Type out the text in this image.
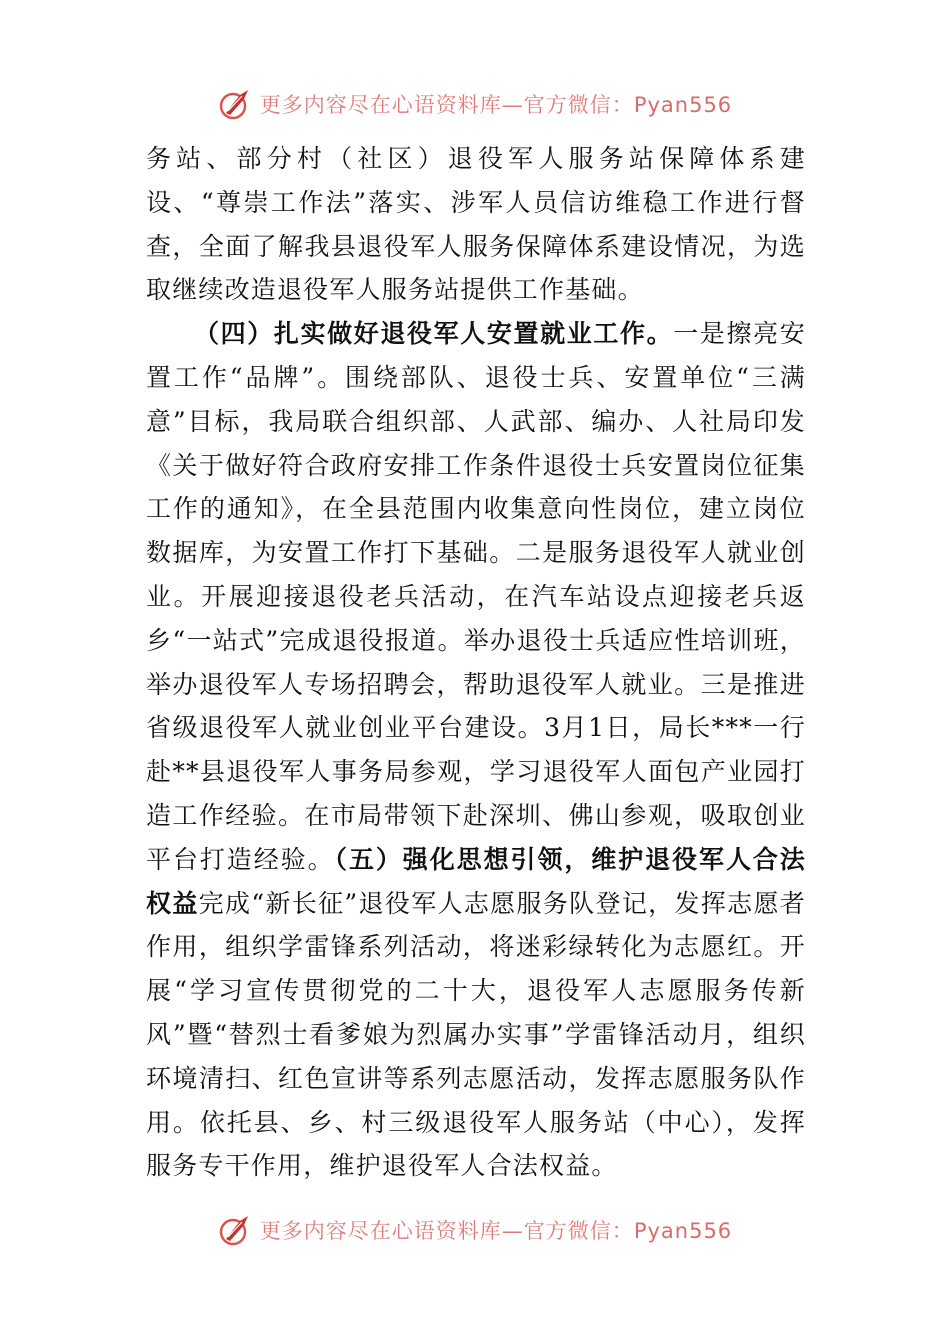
更多内容尽在心语资料库—官方微信：Pyan556

务站、部分村（社区）退役军人服务站保障体系建设、“尊崇工作法”落实、涉军人员信访维稳工作进行督查，全面了解我县退役军人服务保障体系建设情况，为选取继续改造退役军人服务站提供工作基础。

（四）扎实做好退役军人安置就业工作。一是擦亮安置工作“品牌”。围绕部队、退役士兵、安置单位“三满意”目标，我局联合组织部、人武部、编办、人社局印发《关于做好符合政府安排工作条件退役士兵安置岗位征集工作的通知》，在全县范围内收集意向性岗位，建立岗位数据库，为安置工作打下基础。二是服务退役军人就业创业。开展迎接退役老兵活动，在汽车站设点迎接老兵返乡“一站式”完成退役报道。举办退役士兵适应性培训班，举办退役军人专场招聘会，帮助退役军人就业。三是推进省级退役军人就业创业平台建设。3月1日，局长***一行赴**县退役军人事务局参观，学习退役军人面包产业园打造工作经验。在市局带领下赴深圳、佛山参观，吸取创业平台打造经验。（五）强化思想引领，维护退役军人合法权益完成“新长征”退役军人志愿服务队登记，发挥志愿者作用，组织学雷锋系列活动，将迷彩绿转化为志愿红。开展“学习宣传贯彻党的二十大，退役军人志愿服务传新风”暨“替烈士看爹娘为烈属办实事”学雷锋活动月，组织环境清扫、红色宣讲等系列志愿活动，发挥志愿服务队作用。依托县、乡、村三级退役军人服务站（中心），发挥服务专干作用，维护退役军人合法权益。

更多内容尽在心语资料库—官方微信：Pyan556
